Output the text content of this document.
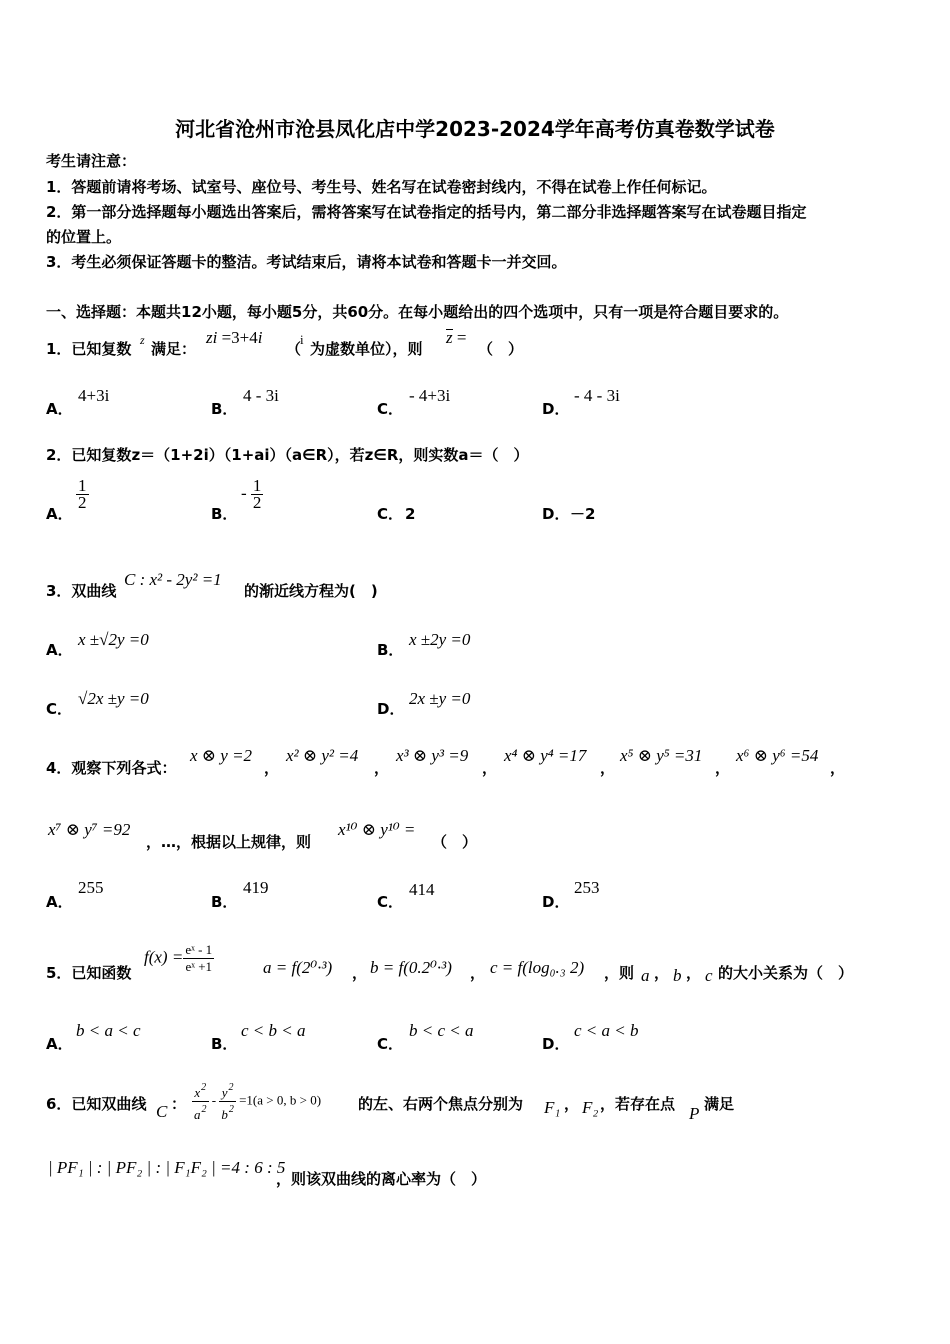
河北省沧州市沧县凤化店中学2023-2024学年高考仿真卷数学试卷
考生请注意：
1．答题前请将考场、试室号、座位号、考生号、姓名写在试卷密封线内，不得在试卷上作任何标记。
2．第一部分选择题每小题选出答案后，需将答案写在试卷指定的括号内，第二部分非选择题答案写在试卷题目指定
的位置上。
3．考生必须保证答题卡的整洁。考试结束后，请将本试卷和答题卡一并交回。
一、选择题：本题共12小题，每小题5分，共60分。在每小题给出的四个选项中，只有一项是符合题目要求的。
1．已知复数 z 满足：
zi =3+4i
（
i
为虚数单位），则
z =
（　）
A．
4+3i
B．
4 - 3i
C．
- 4+3i
D．
- 4 - 3i
2．已知复数z＝（1+2i）（1+ai）（a∈R），若z∈R，则实数a＝（　）
A．
$\frac{1}{2}$
B．
- $\frac{1}{2}$
C． 2	D． －2
3．双曲线
C : x² - 2y² =1
的渐近线方程为(　)
A．
x ±√2y =0
B．
x ±2y =0
C．
√2x ±y =0
D．
2x ±y =0
4．观察下列各式：
x ⊗ y =2
，
x² ⊗ y² =4
，
x³ ⊗ y³ =9
，
x⁴ ⊗ y⁴ =17
，
x⁵ ⊗ y⁵ =31
，
x⁶ ⊗ y⁶ =54
，
x⁷ ⊗ y⁷ =92
，…，根据以上规律，则
x¹⁰ ⊗ y¹⁰ =
（　）
A．
255
B．
419
C．
414
D．
253
5．已知函数
$f(x) = \frac{\text{eˣ - 1}}{\text{eˣ +1}}$	a = f(2⁰·³) ， b = f(0.2⁰·³) ， c = f(log₀.₃ 2) ，则 a ， b ， c 的大小关系为（　）
A．
b < a < c
B．
c < b < a
C．
b < c < a
D．
c < a < b
6．已知双曲线 C ： $\frac{x^2}{a^2} - \frac{y^2}{b^2} =1(a > 0$, b > 0) 的左、右两个焦点分别为 F₁ ， F₂ ，若存在点 P 满足
| PF₁ | : | PF₂ | : | F₁F₂ | =4 : 6 : 5
，则该双曲线的离心率为（　）
